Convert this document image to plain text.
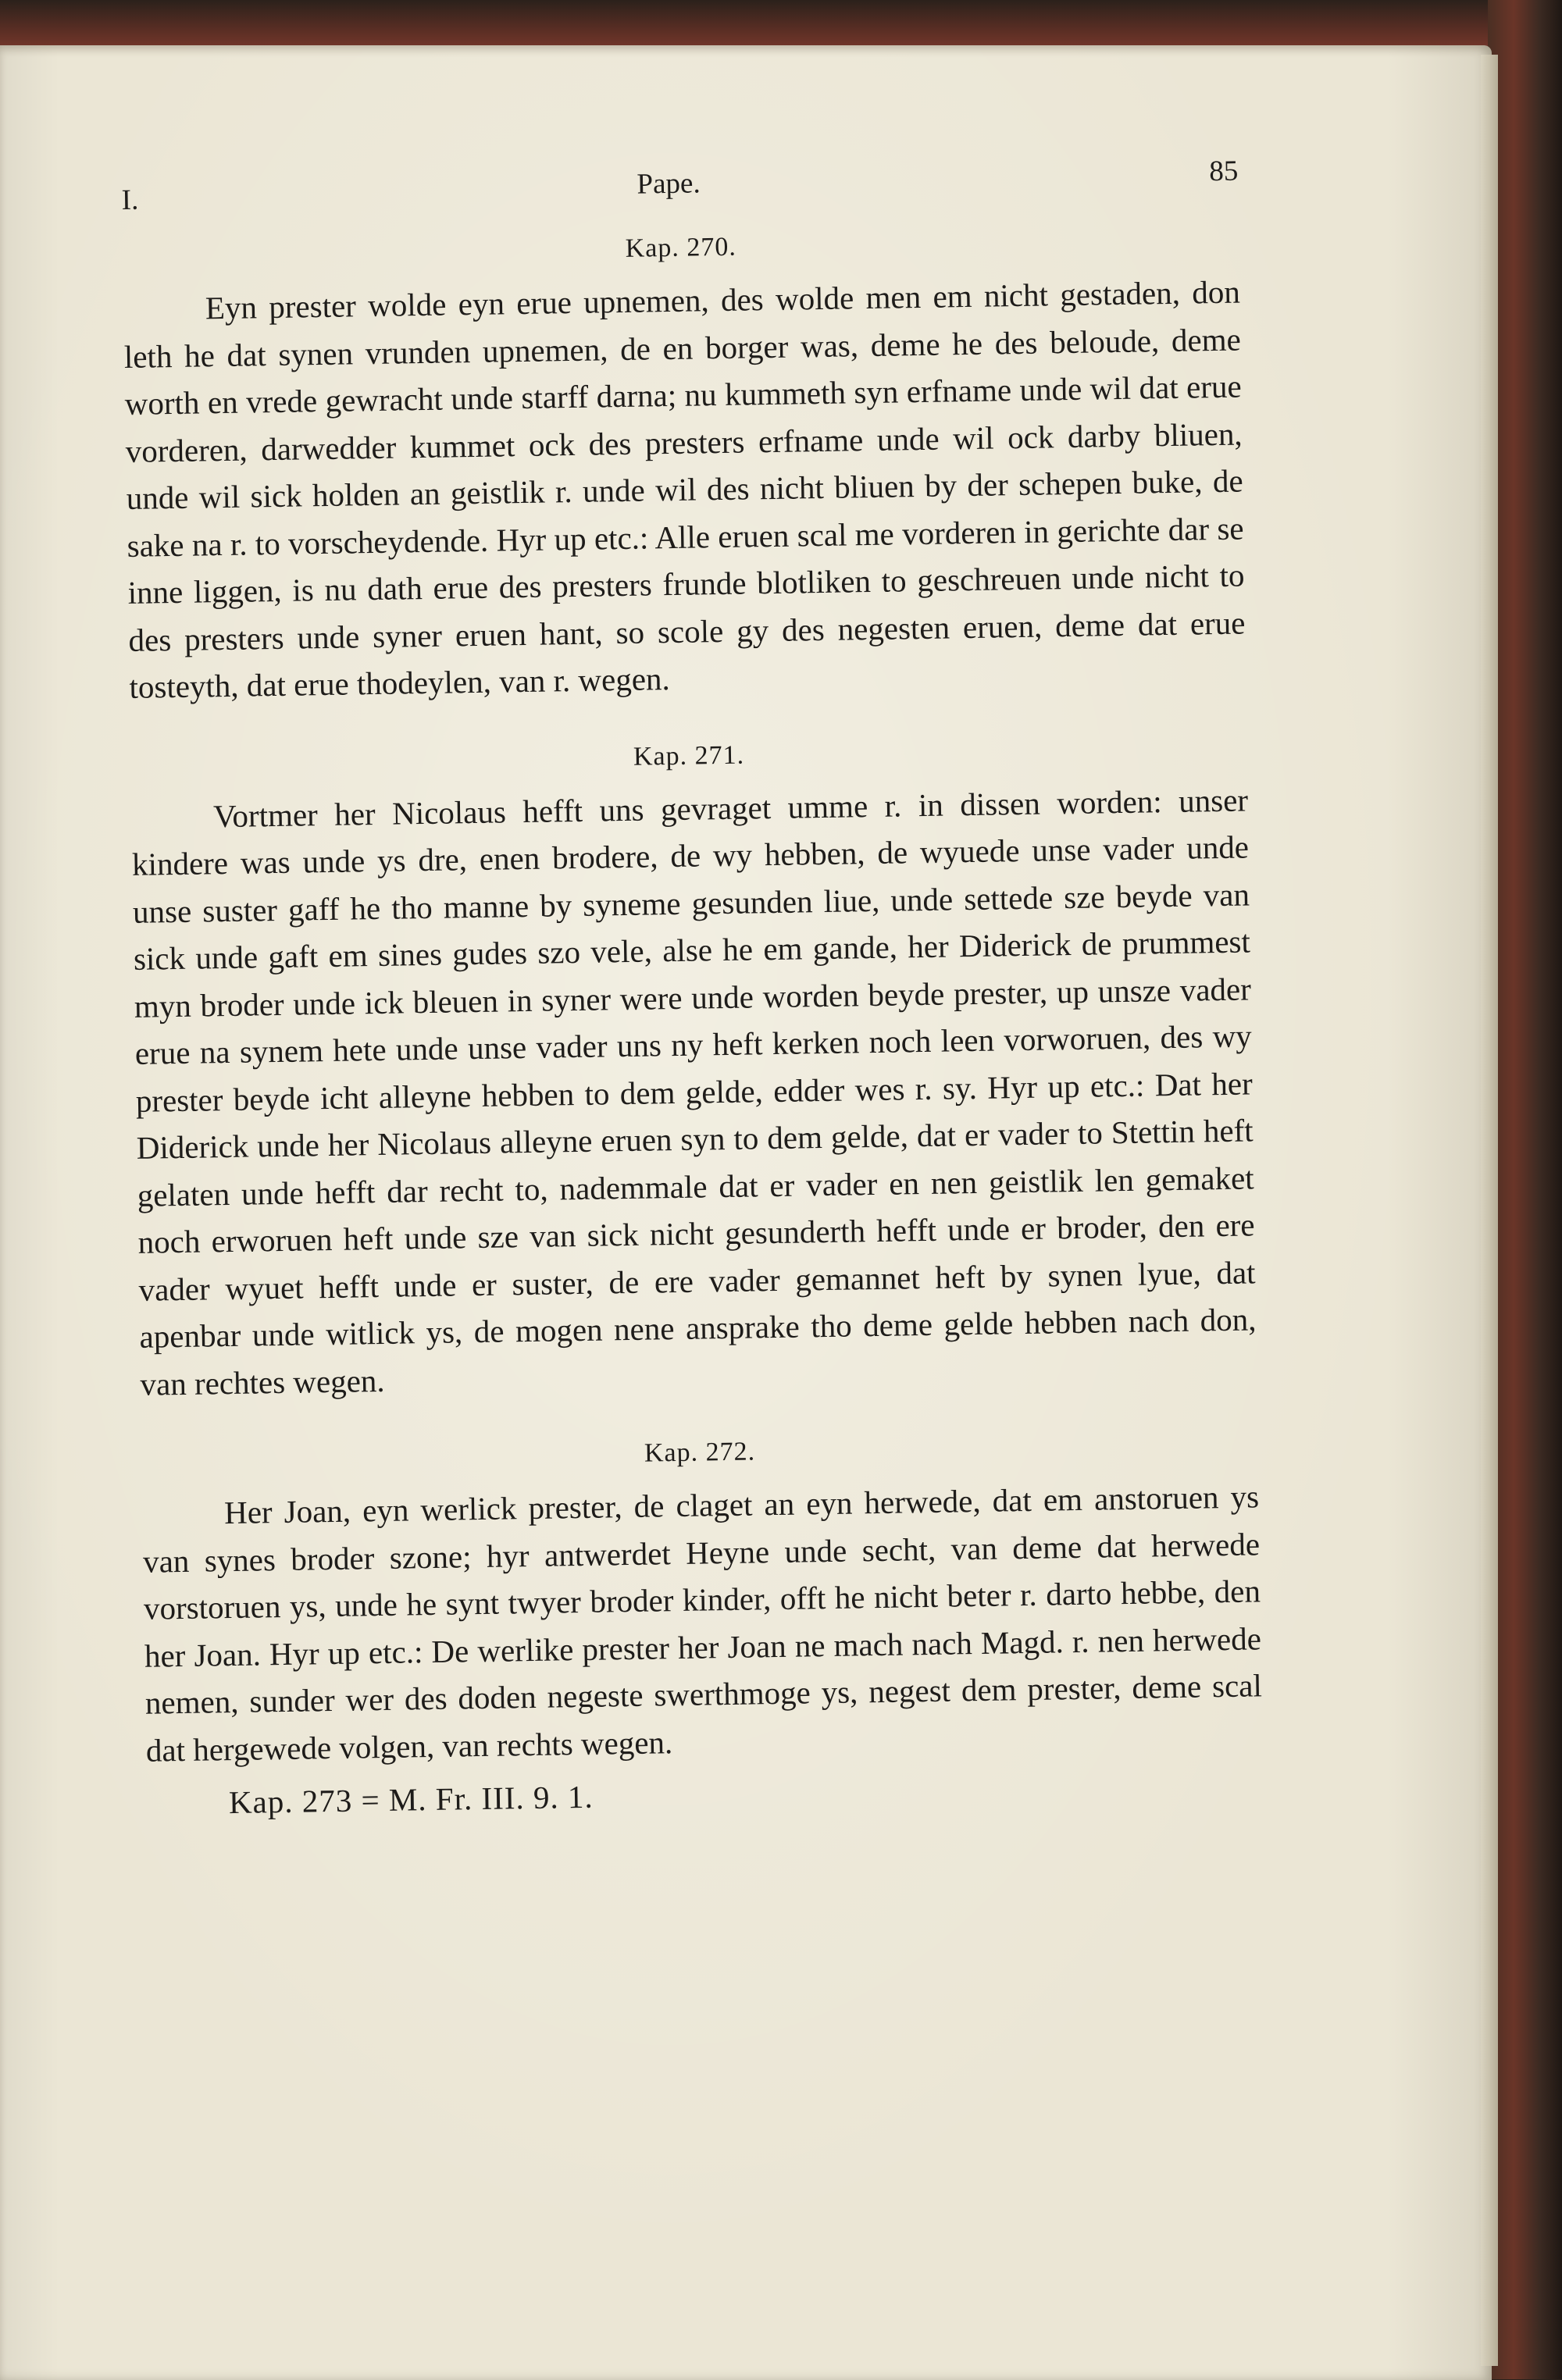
I.	Pape.	85
Kap. 270.

Eyn prester wolde eyn erue upnemen, des wolde men em nicht gestaden, don leth he dat synen vrunden upnemen, de en borger was, deme he des beloude, deme worth en vrede gewracht unde starff darna; nu kummeth syn erfname unde wil dat erue vorderen, darwedder kummet ock des presters erfname unde wil ock darby bliuen, unde wil sick holden an geistlik r. unde wil des nicht bliuen by der schepen buke, de sake na r. to vorscheydende. Hyr up etc.: Alle eruen scal me vorderen in gerichte dar se inne liggen, is nu dath erue des presters frunde blotliken to geschreuen unde nicht to des presters unde syner eruen hant, so scole gy des negesten eruen, deme dat erue tosteyth, dat erue thodeylen, van r. wegen.

Kap. 271.

Vortmer her Nicolaus hefft uns gevraget umme r. in dissen worden: unser kindere was unde ys dre, enen brodere, de wy hebben, de wyuede unse vader unde unse suster gaff he tho manne by syneme gesunden liue, unde settede sze beyde van sick unde gaft em sines gudes szo vele, alse he em gande, her Diderick de prummest myn broder unde ick bleuen in syner were unde worden beyde prester, up unsze vader erue na synem hete unde unse vader uns ny heft kerken noch leen vorworuen, des wy prester beyde icht alleyne hebben to dem gelde, edder wes r. sy. Hyr up etc.: Dat her Diderick unde her Nicolaus alleyne eruen syn to dem gelde, dat er vader to Stettin heft gelaten unde hefft dar recht to, nademmale dat er vader en nen geistlik len gemaket noch erworuen heft unde sze van sick nicht gesunderth hefft unde er broder, den ere vader wyuet hefft unde er suster, de ere vader gemannet heft by synen lyue, dat apenbar unde witlick ys, de mogen nene ansprake tho deme gelde hebben nach don, van rechtes wegen.

Kap. 272.

Her Joan, eyn werlick prester, de claget an eyn herwede, dat em anstoruen ys van synes broder szone; hyr antwerdet Heyne unde secht, van deme dat herwede vorstoruen ys, unde he synt twyer broder kinder, offt he nicht beter r. darto hebbe, den her Joan. Hyr up etc.: De werlike prester her Joan ne mach nach Magd. r. nen herwede nemen, sunder wer des doden negeste swerthmoge ys, negest dem prester, deme scal dat hergewede volgen, van rechts wegen.

Kap. 273 = M. Fr. III. 9. 1.
